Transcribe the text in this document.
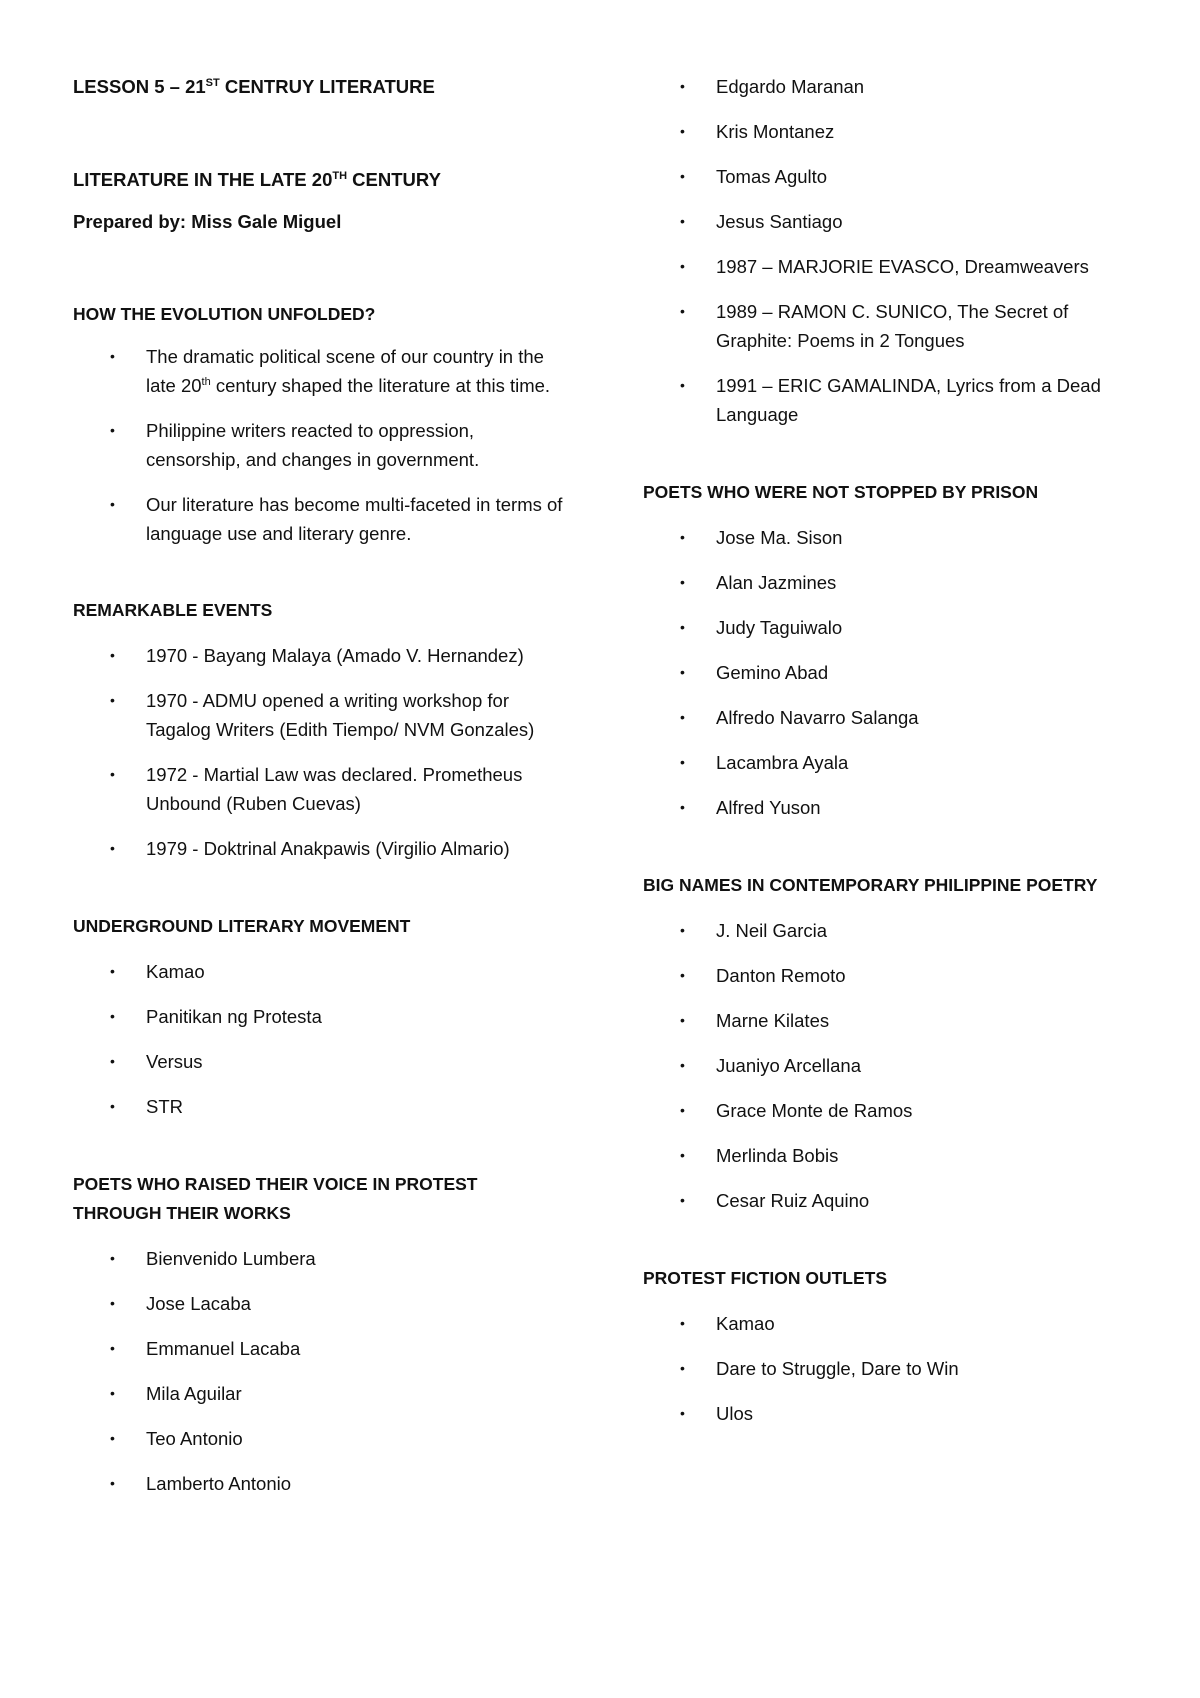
LESSON 5 – 21ST CENTRUY LITERATURE

LITERATURE IN THE LATE 20TH CENTURY

Prepared by: Miss Gale Miguel

HOW THE EVOLUTION UNFOLDED?

• The dramatic political scene of our country in the late 20th century shaped the literature at this time.
• Philippine writers reacted to oppression, censorship, and changes in government.
• Our literature has become multi-faceted in terms of language use and literary genre.

REMARKABLE EVENTS

• 1970 - Bayang Malaya (Amado V. Hernandez)
• 1970 - ADMU opened a writing workshop for Tagalog Writers (Edith Tiempo/ NVM Gonzales)
• 1972 - Martial Law was declared. Prometheus Unbound (Ruben Cuevas)
• 1979 - Doktrinal Anakpawis (Virgilio Almario)

UNDERGROUND LITERARY MOVEMENT

• Kamao
• Panitikan ng Protesta
• Versus
• STR

POETS WHO RAISED THEIR VOICE IN PROTEST THROUGH THEIR WORKS

• Bienvenido Lumbera
• Jose Lacaba
• Emmanuel Lacaba
• Mila Aguilar
• Teo Antonio
• Lamberto Antonio
• Edgardo Maranan
• Kris Montanez
• Tomas Agulto
• Jesus Santiago
• 1987 – MARJORIE EVASCO, Dreamweavers
• 1989 – RAMON C. SUNICO, The Secret of Graphite: Poems in 2 Tongues
• 1991 – ERIC GAMALINDA, Lyrics from a Dead Language

POETS WHO WERE NOT STOPPED BY PRISON

• Jose Ma. Sison
• Alan Jazmines
• Judy Taguiwalo
• Gemino Abad
• Alfredo Navarro Salanga
• Lacambra Ayala
• Alfred Yuson

BIG NAMES IN CONTEMPORARY PHILIPPINE POETRY

• J. Neil Garcia
• Danton Remoto
• Marne Kilates
• Juaniyo Arcellana
• Grace Monte de Ramos
• Merlinda Bobis
• Cesar Ruiz Aquino

PROTEST FICTION OUTLETS

• Kamao
• Dare to Struggle, Dare to Win
• Ulos
